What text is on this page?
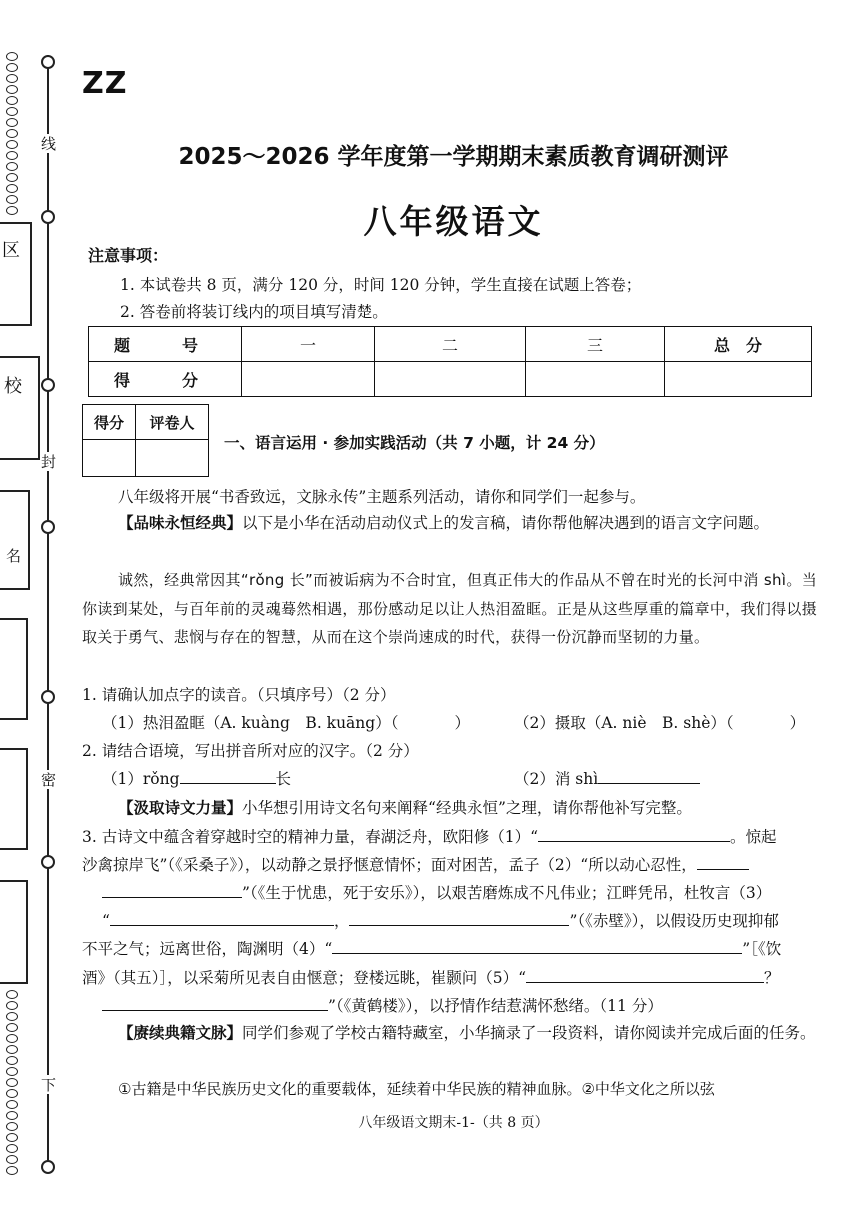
线
封
密
下
区
校
名
ZZ
2025～2026 学年度第一学期期末素质教育调研测评
八年级语文
注意事项：
1. 本试卷共 8 页，满分 120 分，时间 120 分钟，学生直接在试题上答卷；
2. 答卷前将装订线内的项目填写清楚。
题　号	一	二	三	总　分
得　分				
得分	评卷人

一、语言运用 · 参加实践活动（共 7 小题，计 24 分）
八年级将开展“书香致远，文脉永传”主题系列活动，请你和同学们一起参与。
【品味永恒经典】以下是小华在活动启动仪式上的发言稿，请你帮他解决遇到的语言文字问题。
诚然，经典常因其“rǒng 长”而被诟病为不合时宜，但真正伟大的作品从不曾在时光的长河中消 shì。当你读到某处，与百年前的灵魂蓦然相遇，那份感动足以让人热泪盈眶。正是从这些厚重的篇章中，我们得以摄取关于勇气、悲悯与存在的智慧，从而在这个崇尚速成的时代，获得一份沉静而坚韧的力量。
1. 请确认加点字的读音。（只填序号）（2 分）
（1）热泪盈眶（A. kuàng　B. kuāng）（	）	（2）摄取（A. niè　B. shè）（	）
2. 请结合语境，写出拼音所对应的汉字。（2 分）
（1）rǒng	长	（2）消 shì
【汲取诗文力量】小华想引用诗文名句来阐释“经典永恒”之理，请你帮他补写完整。
3. 古诗文中蕴含着穿越时空的精神力量，春湖泛舟，欧阳修（1）“	。惊起
沙禽掠岸飞”（《采桑子》），以动静之景抒惬意情怀；面对困苦，孟子（2）“所以动心忍性，
”（《生于忧患，死于安乐》），以艰苦磨炼成不凡伟业；江畔凭吊，杜牧言（3）
“	，	”（《赤壁》），以假设历史现抑郁
不平之气；远离世俗，陶渊明（4）“	”［《饮
酒》（其五）］，以采菊所见表自由惬意；登楼远眺，崔颢问（5）“	？
”（《黄鹤楼》），以抒情作结惹满怀愁绪。（11 分）
【赓续典籍文脉】同学们参观了学校古籍特藏室，小华摘录了一段资料，请你阅读并完成后面的任务。
①古籍是中华民族历史文化的重要载体，延续着中华民族的精神血脉。②中华文化之所以弦
八年级语文期末-1-（共 8 页）
